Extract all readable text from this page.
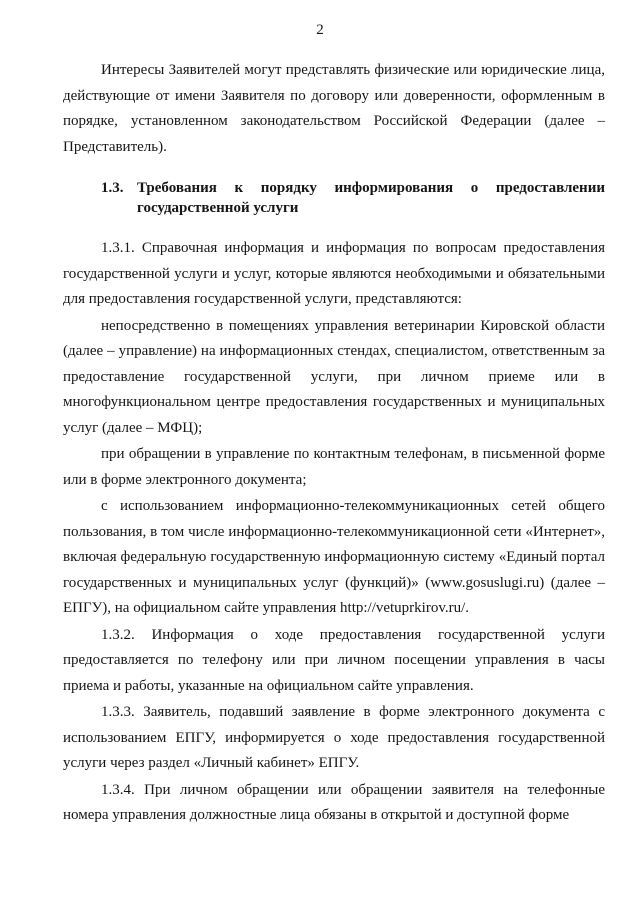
2

Интересы Заявителей могут представлять физические или юридические лица, действующие от имени Заявителя по договору или доверенности, оформленным в порядке, установленном законодательством Российской Федерации (далее – Представитель).

1.3. Требования к порядку информирования о предоставлении
государственной услуги

1.3.1. Справочная информация и информация по вопросам предоставления государственной услуги и услуг, которые являются необходимыми и обязательными для предоставления государственной услуги, представляются:

непосредственно в помещениях управления ветеринарии Кировской области (далее – управление) на информационных стендах, специалистом, ответственным за предоставление государственной услуги, при личном приеме или в многофункциональном центре предоставления государственных и муниципальных услуг (далее – МФЦ);

при обращении в управление по контактным телефонам, в письменной форме или в форме электронного документа;

с использованием информационно-телекоммуникационных сетей общего пользования, в том числе информационно-телекоммуникационной сети «Интернет», включая федеральную государственную информационную систему «Единый портал государственных и муниципальных услуг (функций)» (www.gosuslugi.ru) (далее – ЕПГУ), на официальном сайте управления http://vetuprkirov.ru/.

1.3.2. Информация о ходе предоставления государственной услуги предоставляется по телефону или при личном посещении управления в часы приема и работы, указанные на официальном сайте управления.

1.3.3. Заявитель, подавший заявление в форме электронного документа с использованием ЕПГУ, информируется о ходе предоставления государственной услуги через раздел «Личный кабинет» ЕПГУ.

1.3.4. При личном обращении или обращении заявителя на телефонные номера управления должностные лица обязаны в открытой и доступной форме
